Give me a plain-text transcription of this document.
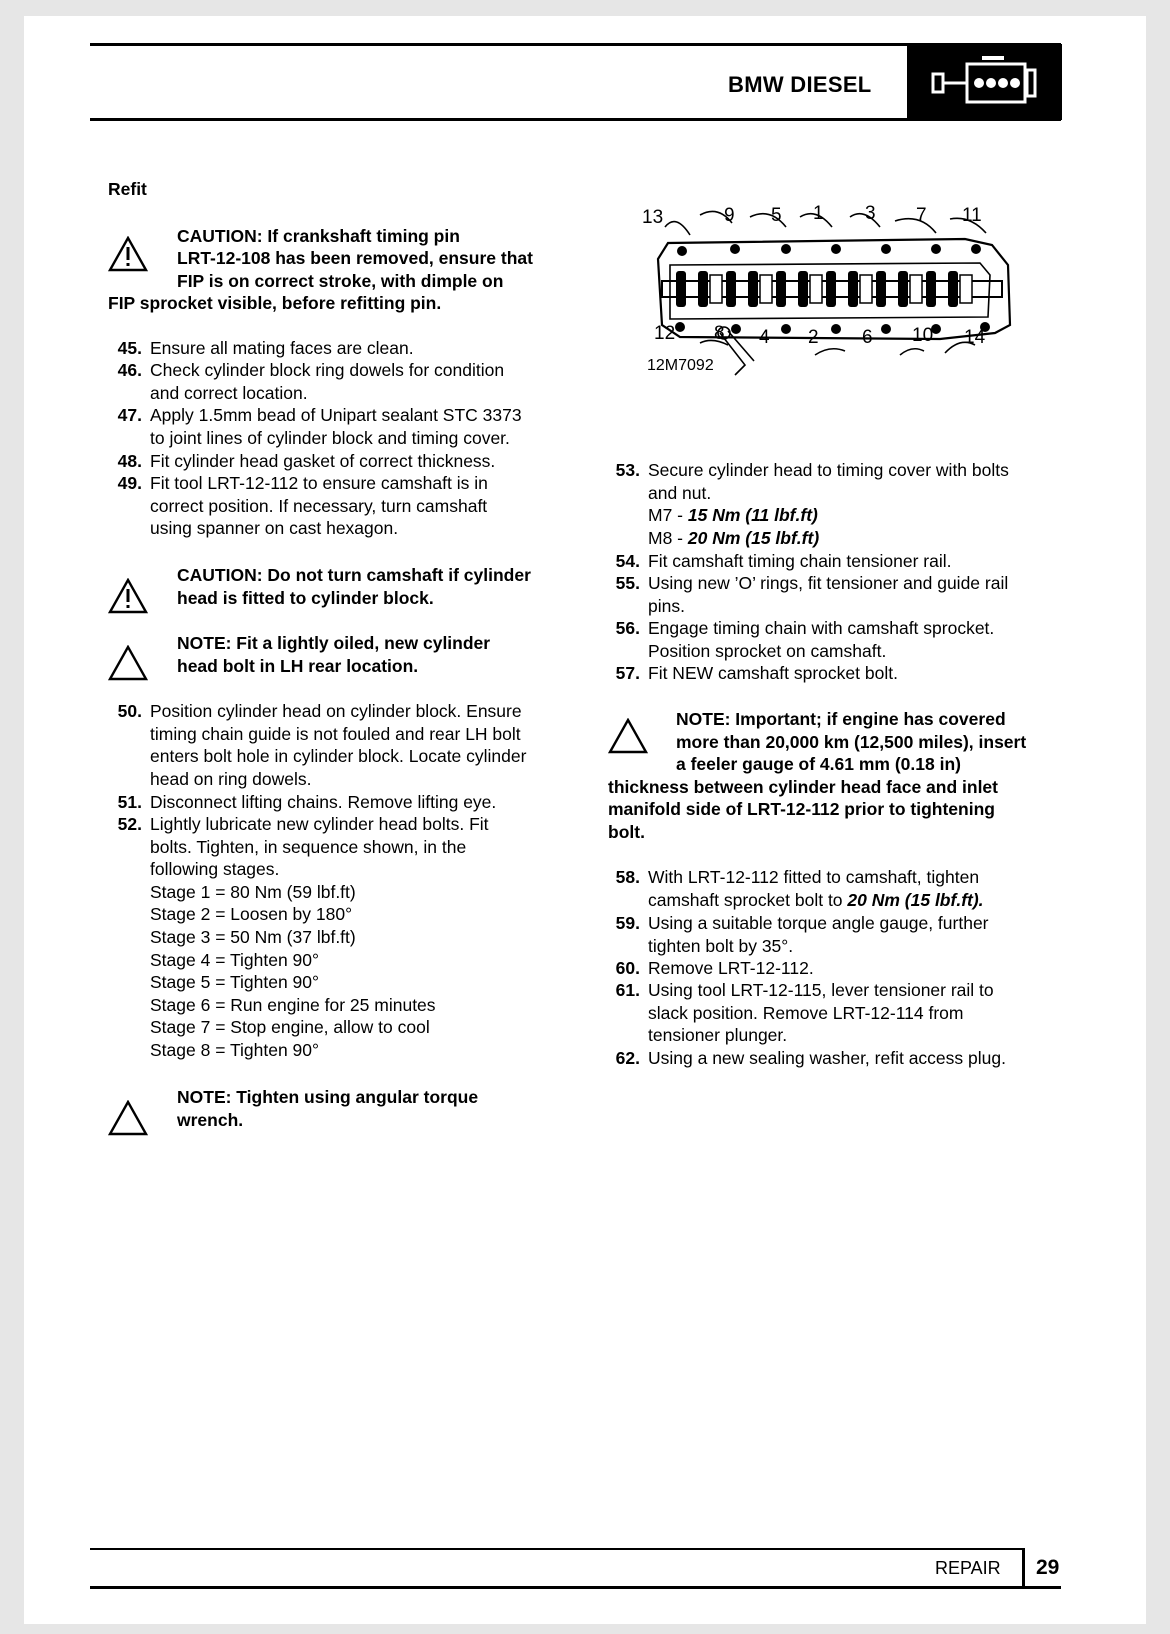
BMW DIESEL
Refit
CAUTION: If crankshaft timing pin
LRT-12-108 has been removed, ensure that
FIP is on correct stroke, with dimple on
FIP sprocket visible, before refitting pin.
45. Ensure all mating faces are clean.
46. Check cylinder block ring dowels for condition
and correct location.
47. Apply 1.5mm bead of Unipart sealant STC 3373
to joint lines of cylinder block and timing cover.
48. Fit cylinder head gasket of correct thickness.
49. Fit tool LRT-12-112 to ensure camshaft is in
correct position. If necessary, turn camshaft
using spanner on cast hexagon.
CAUTION: Do not turn camshaft if cylinder
head is fitted to cylinder block.
NOTE: Fit a lightly oiled, new cylinder
head bolt in LH rear location.
50. Position cylinder head on cylinder block. Ensure
timing chain guide is not fouled and rear LH bolt
enters bolt hole in cylinder block. Locate cylinder
head on ring dowels.
51. Disconnect lifting chains. Remove lifting eye.
52. Lightly lubricate new cylinder head bolts. Fit
bolts. Tighten, in sequence shown, in the
following stages.
Stage 1 = 80 Nm (59 lbf.ft)
Stage 2 = Loosen by 180°
Stage 3 = 50 Nm (37 lbf.ft)
Stage 4 = Tighten 90°
Stage 5 = Tighten 90°
Stage 6 = Run engine for 25 minutes
Stage 7 = Stop engine, allow to cool
Stage 8 = Tighten 90°
NOTE: Tighten using angular torque
wrench.
13	9 5 1 3 7 11
12 8 4 2 6 10 14
12M7092
53. Secure cylinder head to timing cover with bolts
and nut.
M7 - 15 Nm (11 lbf.ft)
M8 - 20 Nm (15 lbf.ft)
54. Fit camshaft timing chain tensioner rail.
55. Using new ’O’ rings, fit tensioner and guide rail
pins.
56. Engage timing chain with camshaft sprocket.
Position sprocket on camshaft.
57. Fit NEW camshaft sprocket bolt.
NOTE: Important; if engine has covered
more than 20,000 km (12,500 miles), insert
a feeler gauge of 4.61 mm (0.18 in)
thickness between cylinder head face and inlet
manifold side of LRT-12-112 prior to tightening
bolt.
58. With LRT-12-112 fitted to camshaft, tighten
camshaft sprocket bolt to 20 Nm (15 lbf.ft).
59. Using a suitable torque angle gauge, further
tighten bolt by 35°.
60. Remove LRT-12-112.
61. Using tool LRT-12-115, lever tensioner rail to
slack position. Remove LRT-12-114 from
tensioner plunger.
62. Using a new sealing washer, refit access plug.
REPAIR 29
